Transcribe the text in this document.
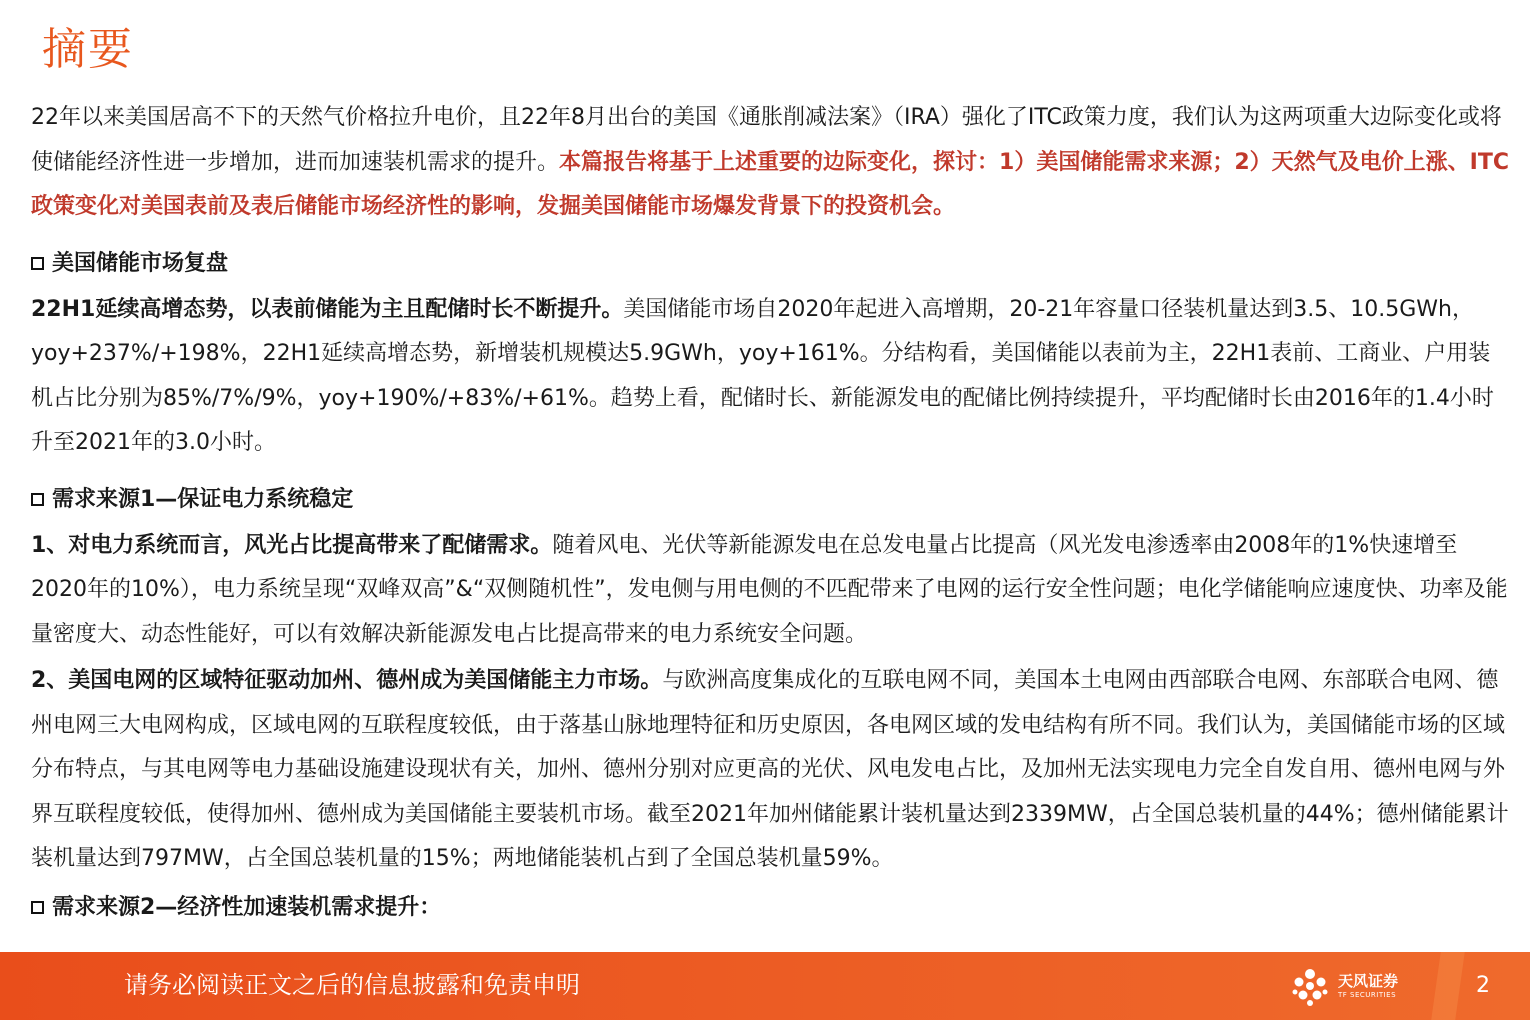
摘要

22年以来美国居高不下的天然气价格拉升电价，且22年8月出台的美国《通胀削减法案》（IRA）强化了ITC政策力度，我们认为这两项重大边际变化或将使储能经济性进一步增加，进而加速装机需求的提升。本篇报告将基于上述重要的边际变化，探讨：1）美国储能需求来源；2）天然气及电价上涨、ITC政策变化对美国表前及表后储能市场经济性的影响，发掘美国储能市场爆发背景下的投资机会。

美国储能市场复盘

22H1延续高增态势，以表前储能为主且配储时长不断提升。美国储能市场自2020年起进入高增期，20-21年容量口径装机量达到3.5、10.5GWh，yoy+237%/+198%，22H1延续高增态势，新增装机规模达5.9GWh，yoy+161%。分结构看，美国储能以表前为主，22H1表前、工商业、户用装机占比分别为85%/7%/9%，yoy+190%/+83%/+61%。趋势上看，配储时长、新能源发电的配储比例持续提升，平均配储时长由2016年的1.4小时升至2021年的3.0小时。

需求来源1—保证电力系统稳定

1、对电力系统而言，风光占比提高带来了配储需求。随着风电、光伏等新能源发电在总发电量占比提高（风光发电渗透率由2008年的1%快速增至2020年的10%），电力系统呈现“双峰双高”&“双侧随机性”，发电侧与用电侧的不匹配带来了电网的运行安全性问题；电化学储能响应速度快、功率及能量密度大、动态性能好，可以有效解决新能源发电占比提高带来的电力系统安全问题。

2、美国电网的区域特征驱动加州、德州成为美国储能主力市场。与欧洲高度集成化的互联电网不同，美国本土电网由西部联合电网、东部联合电网、德州电网三大电网构成，区域电网的互联程度较低，由于落基山脉地理特征和历史原因，各电网区域的发电结构有所不同。我们认为，美国储能市场的区域分布特点，与其电网等电力基础设施建设现状有关，加州、德州分别对应更高的光伏、风电发电占比，及加州无法实现电力完全自发自用、德州电网与外界互联程度较低，使得加州、德州成为美国储能主要装机市场。截至2021年加州储能累计装机量达到2339MW，占全国总装机量的44%；德州储能累计装机量达到797MW，占全国总装机量的15%；两地储能装机占到了全国总装机量59%。

需求来源2—经济性加速装机需求提升：
请务必阅读正文之后的信息披露和免责申明	天风证券
TF SECURITIES	2
